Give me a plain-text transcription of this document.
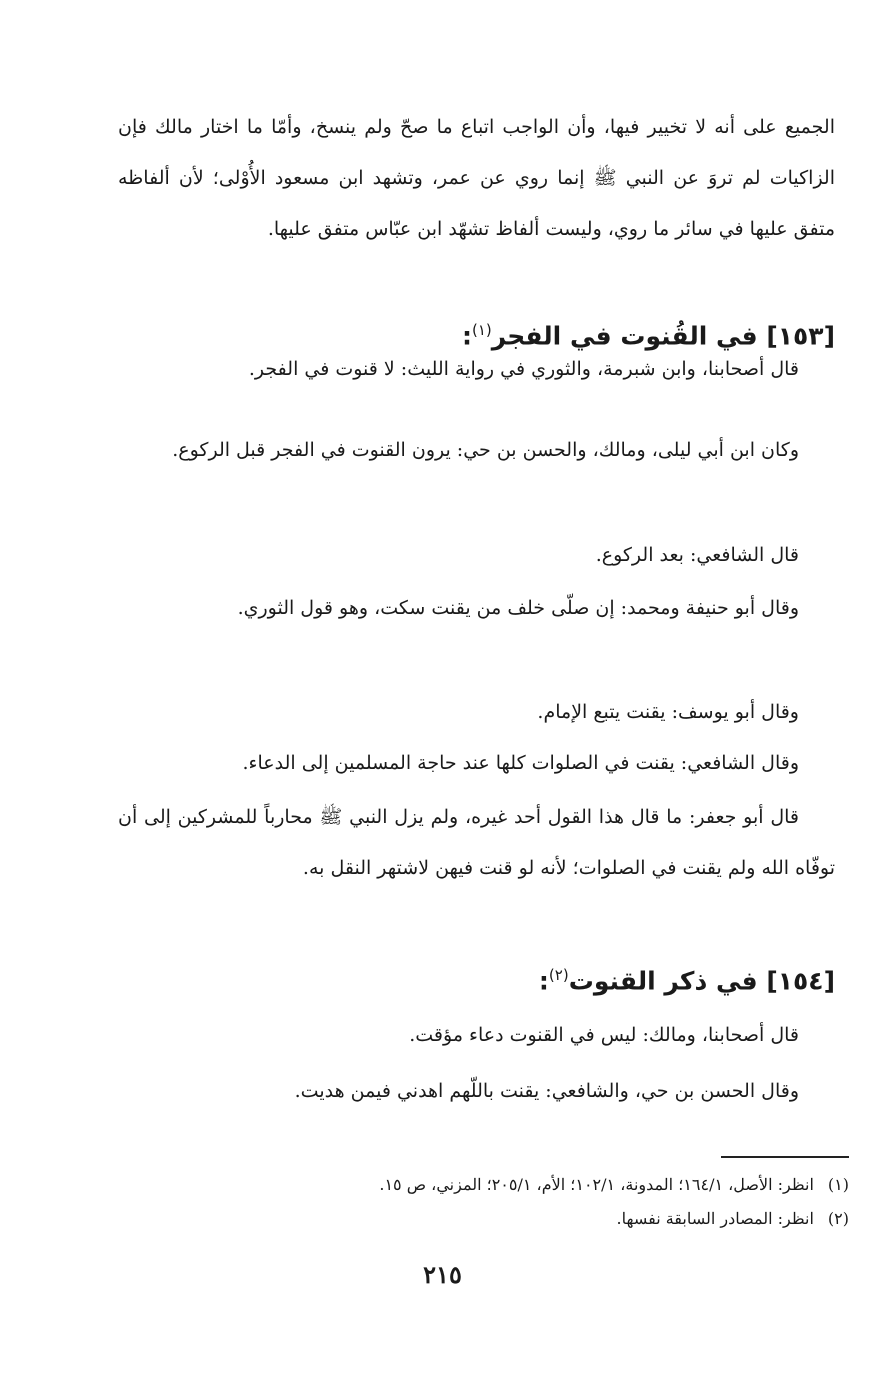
الجميع على أنه لا تخيير فيها، وأن الواجب اتباع ما صحّ ولم ينسخ، وأمّا ما اختار مالك فإن الزاكيات لم تروَ عن النبي ﷺ إنما روي عن عمر، وتشهد ابن مسعود الأُوْلى؛ لأن ألفاظه متفق عليها في سائر ما روي، وليست ألفاظ تشهّد ابن عبّاس متفق عليها.
[١٥٣] في القُنوت في الفجر$^{(١)}$:
قال أصحابنا، وابن شبرمة، والثوري في رواية الليث: لا قنوت في الفجر.
وكان ابن أبي ليلى، ومالك، والحسن بن حي: يرون القنوت في الفجر قبل الركوع.
قال الشافعي: بعد الركوع.
وقال أبو حنيفة ومحمد: إن صلّى خلف من يقنت سكت، وهو قول الثوري.
وقال أبو يوسف: يقنت يتبع الإمام.
وقال الشافعي: يقنت في الصلوات كلها عند حاجة المسلمين إلى الدعاء.
قال أبو جعفر: ما قال هذا القول أحد غيره، ولم يزل النبي ﷺ محارباً للمشركين إلى أن توفّاه الله ولم يقنت في الصلوات؛ لأنه لو قنت فيهن لاشتهر النقل به.
[١٥٤] في ذكر القنوت$^{(٢)}$:
قال أصحابنا، ومالك: ليس في القنوت دعاء مؤقت.
وقال الحسن بن حي، والشافعي: يقنت باللّهم اهدني فيمن هديت.
(١)انظر: الأصل، ١٦٤/١؛ المدونة، ١٠٢/١؛ الأم، ٢٠٥/١؛ المزني، ص ١٥.
(٢)انظر: المصادر السابقة نفسها.
٢١٥
